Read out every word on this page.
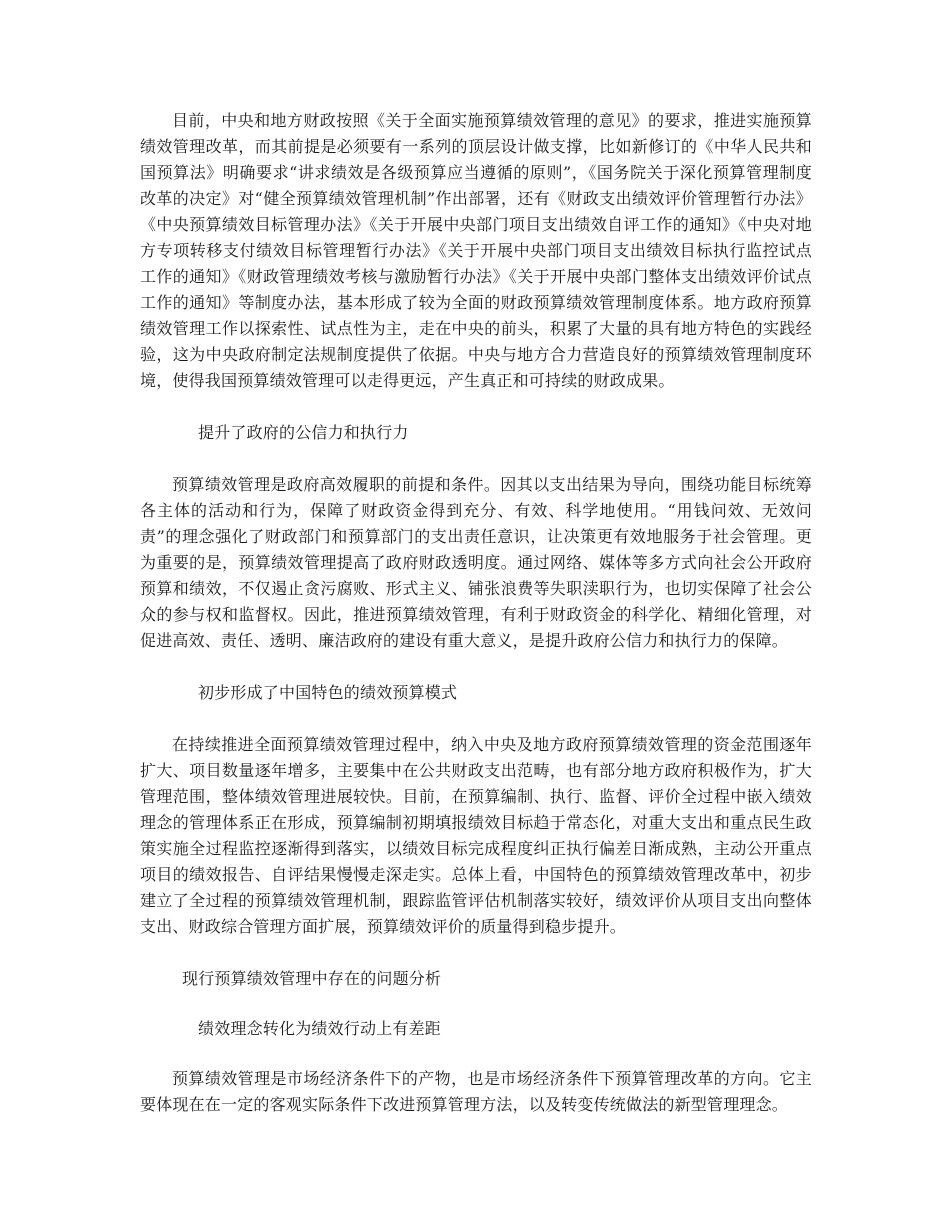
目前，中央和地方财政按照《关于全面实施预算绩效管理的意见》的要求，推进实施预算绩效管理改革，而其前提是必须要有一系列的顶层设计做支撑，比如新修订的《中华人民共和国预算法》明确要求“讲求绩效是各级预算应当遵循的原则”，《国务院关于深化预算管理制度改革的决定》对“健全预算绩效管理机制”作出部署，还有《财政支出绩效评价管理暂行办法》《中央预算绩效目标管理办法》《关于开展中央部门项目支出绩效自评工作的通知》《中央对地方专项转移支付绩效目标管理暂行办法》《关于开展中央部门项目支出绩效目标执行监控试点工作的通知》《财政管理绩效考核与激励暂行办法》《关于开展中央部门整体支出绩效评价试点工作的通知》等制度办法，基本形成了较为全面的财政预算绩效管理制度体系。地方政府预算绩效管理工作以探索性、试点性为主，走在中央的前头，积累了大量的具有地方特色的实践经验，这为中央政府制定法规制度提供了依据。中央与地方合力营造良好的预算绩效管理制度环境，使得我国预算绩效管理可以走得更远，产生真正和可持续的财政成果。

提升了政府的公信力和执行力

预算绩效管理是政府高效履职的前提和条件。因其以支出结果为导向，围绕功能目标统筹各主体的活动和行为，保障了财政资金得到充分、有效、科学地使用。“用钱问效、无效问责”的理念强化了财政部门和预算部门的支出责任意识，让决策更有效地服务于社会管理。更为重要的是，预算绩效管理提高了政府财政透明度。通过网络、媒体等多方式向社会公开政府预算和绩效，不仅遏止贪污腐败、形式主义、铺张浪费等失职渎职行为，也切实保障了社会公众的参与权和监督权。因此，推进预算绩效管理，有利于财政资金的科学化、精细化管理，对促进高效、责任、透明、廉洁政府的建设有重大意义，是提升政府公信力和执行力的保障。

初步形成了中国特色的绩效预算模式

在持续推进全面预算绩效管理过程中，纳入中央及地方政府预算绩效管理的资金范围逐年扩大、项目数量逐年增多，主要集中在公共财政支出范畴，也有部分地方政府积极作为，扩大管理范围，整体绩效管理进展较快。目前，在预算编制、执行、监督、评价全过程中嵌入绩效理念的管理体系正在形成，预算编制初期填报绩效目标趋于常态化，对重大支出和重点民生政策实施全过程监控逐渐得到落实，以绩效目标完成程度纠正执行偏差日渐成熟，主动公开重点项目的绩效报告、自评结果慢慢走深走实。总体上看，中国特色的预算绩效管理改革中，初步建立了全过程的预算绩效管理机制，跟踪监管评估机制落实较好，绩效评价从项目支出向整体支出、财政综合管理方面扩展，预算绩效评价的质量得到稳步提升。

现行预算绩效管理中存在的问题分析

绩效理念转化为绩效行动上有差距

预算绩效管理是市场经济条件下的产物，也是市场经济条件下预算管理改革的方向。它主要体现在在一定的客观实际条件下改进预算管理方法，以及转变传统做法的新型管理理念。
